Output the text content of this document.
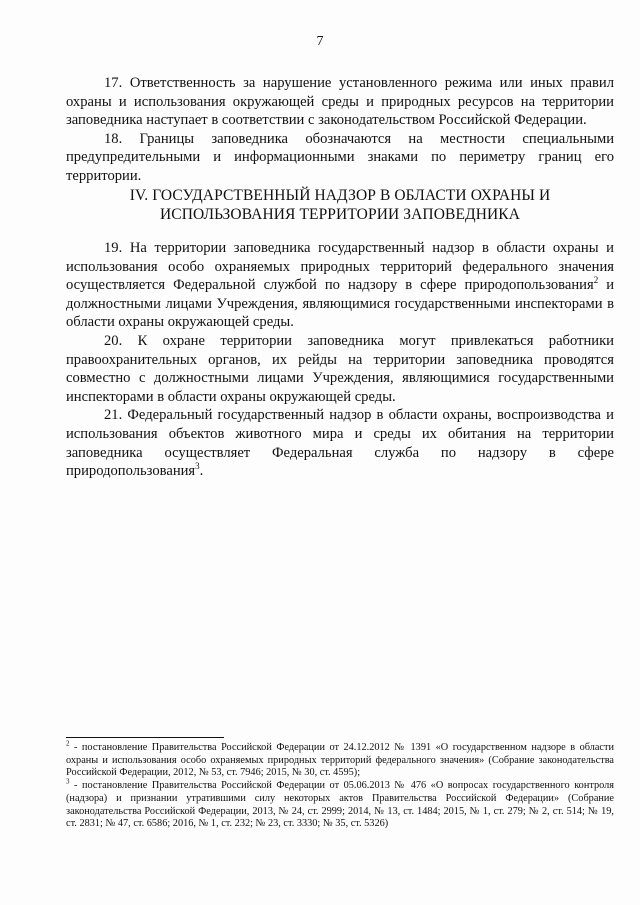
7

17. Ответственность за нарушение установленного режима или иных правил охраны и использования окружающей среды и природных ресурсов на территории заповедника наступает в соответствии с законодательством Российской Федерации.

18. Границы заповедника обозначаются на местности специальными предупредительными и информационными знаками по периметру границ его территории.

IV. ГОСУДАРСТВЕННЫЙ НАДЗОР В ОБЛАСТИ ОХРАНЫ И
ИСПОЛЬЗОВАНИЯ ТЕРРИТОРИИ ЗАПОВЕДНИКА

19. На территории заповедника государственный надзор в области охраны и использования особо охраняемых природных территорий федерального значения осуществляется Федеральной службой по надзору в сфере природопользования$^2$ и должностными лицами Учреждения, являющимися государственными инспекторами в области охраны окружающей среды.

20. К охране территории заповедника могут привлекаться работники правоохранительных органов, их рейды на территории заповедника проводятся совместно с должностными лицами Учреждения, являющимися государственными инспекторами в области охраны окружающей среды.

21. Федеральный государственный надзор в области охраны, воспроизводства и использования объектов животного мира и среды их обитания на территории заповедника осуществляет Федеральная служба по надзору в сфере природопользования$^3$.

$^2$ - постановление Правительства Российской Федерации от 24.12.2012 № 1391 «О государственном надзоре в области охраны и использования особо охраняемых природных территорий федерального значения» (Собрание законодательства Российской Федерации, 2012, № 53, ст. 7946; 2015, № 30, ст. 4595);

$^3$ - постановление Правительства Российской Федерации от 05.06.2013 № 476 «О вопросах государственного контроля (надзора) и признании утратившими силу некоторых актов Правительства Российской Федерации» (Собрание законодательства Российской Федерации, 2013, № 24, ст. 2999; 2014, № 13, ст. 1484; 2015, № 1, ст. 279; № 2, ст. 514; № 19, ст. 2831; № 47, ст. 6586; 2016, № 1, ст. 232; № 23, ст. 3330; № 35, ст. 5326)
